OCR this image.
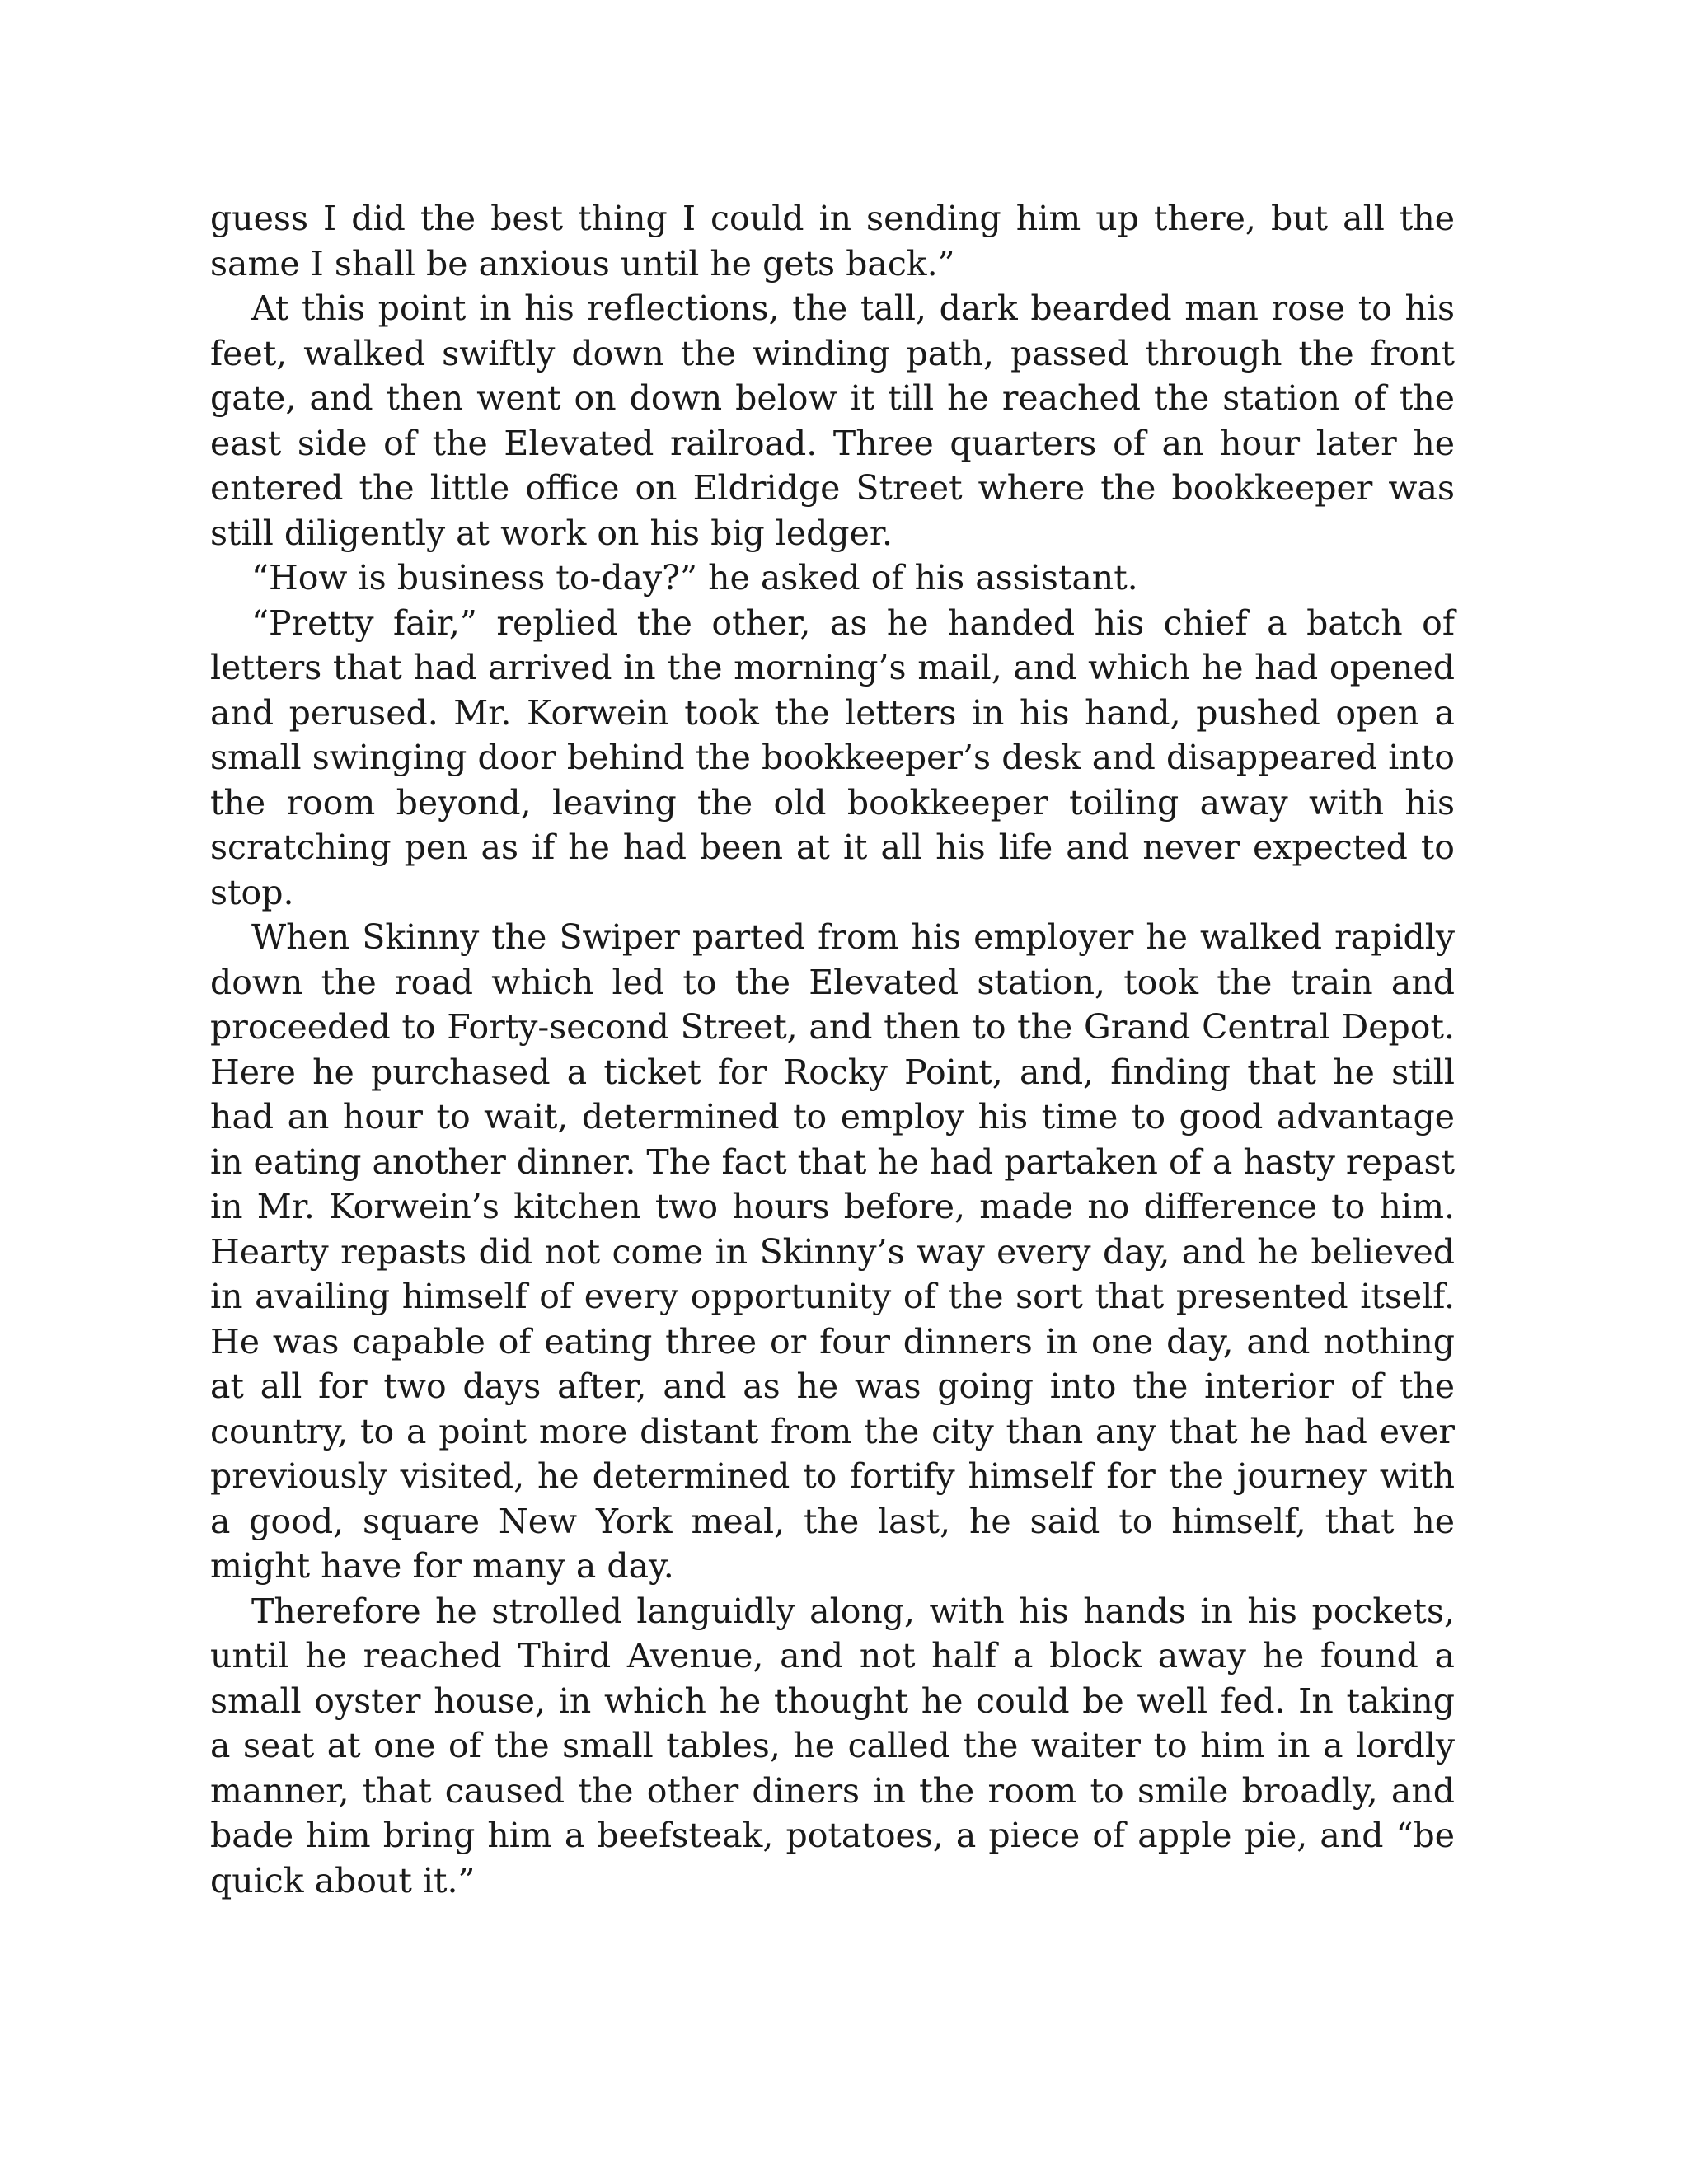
guess I did the best thing I could in sending him up there, but all the same I shall be anxious until he gets back.”

At this point in his reflections, the tall, dark bearded man rose to his feet, walked swiftly down the winding path, passed through the front gate, and then went on down below it till he reached the station of the east side of the Elevated railroad. Three quarters of an hour later he entered the little office on Eldridge Street where the bookkeeper was still diligently at work on his big ledger.

“How is business to-day?” he asked of his assistant.

“Pretty fair,” replied the other, as he handed his chief a batch of letters that had arrived in the morning’s mail, and which he had opened and perused. Mr. Korwein took the letters in his hand, pushed open a small swinging door behind the bookkeeper’s desk and disappeared into the room beyond, leaving the old bookkeeper toiling away with his scratching pen as if he had been at it all his life and never expected to stop.

When Skinny the Swiper parted from his employer he walked rapidly down the road which led to the Elevated station, took the train and proceeded to Forty-second Street, and then to the Grand Central Depot. Here he purchased a ticket for Rocky Point, and, finding that he still had an hour to wait, determined to employ his time to good advantage in eating another dinner. The fact that he had partaken of a hasty repast in Mr. Korwein’s kitchen two hours before, made no difference to him. Hearty repasts did not come in Skinny’s way every day, and he believed in availing himself of every opportunity of the sort that presented itself. He was capable of eating three or four dinners in one day, and nothing at all for two days after, and as he was going into the interior of the country, to a point more distant from the city than any that he had ever previously visited, he determined to fortify himself for the journey with a good, square New York meal, the last, he said to himself, that he might have for many a day.

Therefore he strolled languidly along, with his hands in his pockets, until he reached Third Avenue, and not half a block away he found a small oyster house, in which he thought he could be well fed. In taking a seat at one of the small tables, he called the waiter to him in a lordly manner, that caused the other diners in the room to smile broadly, and bade him bring him a beefsteak, potatoes, a piece of apple pie, and “be quick about it.”
